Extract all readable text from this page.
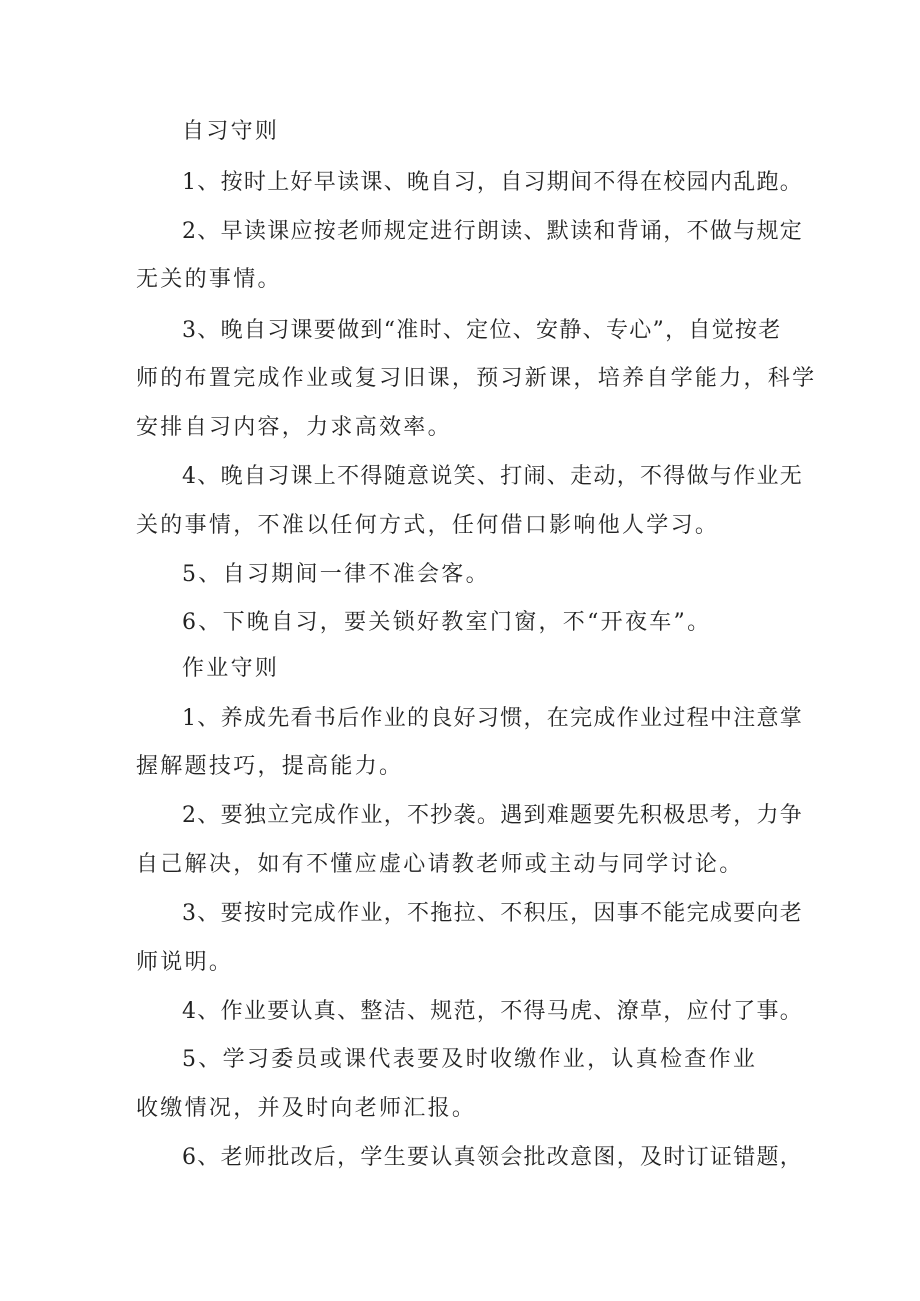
自习守则
1、按时上好早读课、晚自习，自习期间不得在校园内乱跑。
2、早读课应按老师规定进行朗读、默读和背诵，不做与规定
无关的事情。
3、晚自习课要做到“准时、定位、安静、专心”，自觉按老
师的布置完成作业或复习旧课，预习新课，培养自学能力，科学
安排自习内容，力求高效率。
4、晚自习课上不得随意说笑、打闹、走动，不得做与作业无
关的事情，不准以任何方式，任何借口影响他人学习。
5、自习期间一律不准会客。
6、下晚自习，要关锁好教室门窗，不“开夜车”。
作业守则
1、养成先看书后作业的良好习惯，在完成作业过程中注意掌
握解题技巧，提高能力。
2、要独立完成作业，不抄袭。遇到难题要先积极思考，力争
自己解决，如有不懂应虚心请教老师或主动与同学讨论。
3、要按时完成作业，不拖拉、不积压，因事不能完成要向老
师说明。
4、作业要认真、整洁、规范，不得马虎、潦草，应付了事。
5、学习委员或课代表要及时收缴作业，认真检查作业
收缴情况，并及时向老师汇报。
6、老师批改后，学生要认真领会批改意图，及时订证错题，
